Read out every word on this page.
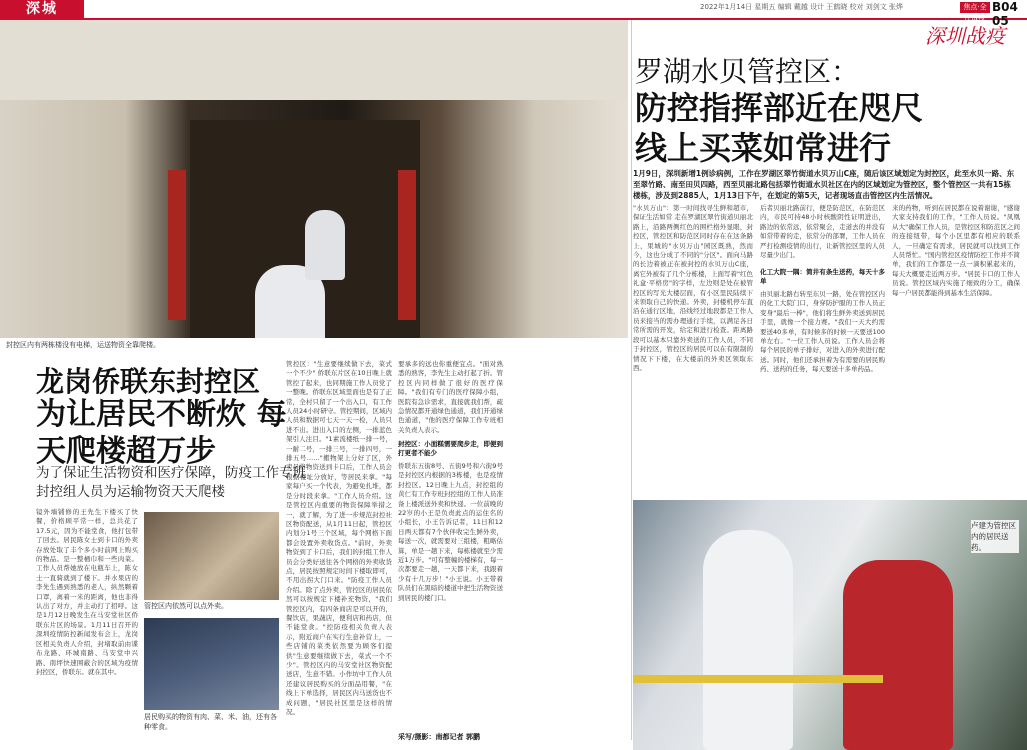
深城	2022年1月14日 星期五 编辑 戴越 设计 王鹤晓 校对 刘剑文 张烨	焦点·全民战疫
B04 05
封控区内有两栋楼没有电梯，运送物资全靠爬楼。
龙岗侨联东封控区
为让居民不断炊 每天爬楼超万步
为了保证生活物资和医疗保障，防疫工作专班封控组人员为运输物资天天爬楼
镜外墙铺修的王先生下楼买了快餐，价格顾平常一样，总共花了17.5元，因为不能堂食，他打包带了回去。居民陈女士到卡口的外卖存放处取了丰个多小时前网上购买的物品。是一整桶巾和一些肉菜。工作人员帮她放在电瓶车上，陈女士一直骑就到了楼下。并水果店的李先生遇到熟悉的老人，纵然颗着口罩，离着一米的距离，他也非得认出了对方，并主动打了招呼。这是1月12日晚发生在马安堂社区侨联东片区的场景。1月11日召开的深圳疫情防控新闻发布会上，龙岗区相关负责人介绍，封堵取前由谍布龙路、环城南路、马安堂中兴路、南坪快速围蔽合的区域为疫情封控区，侨联东。就在其中。
管控区内依然可以点外卖。
居民购买的物资有肉、菜、米、油，还有各种零食。
管控区："生意要继续做下去，菜式一个不少" 侨联东片区在10日晚上就管控了起来，也同期施工作人员党了一整晚。侨联东区域里面也是有了正常，全村只留了一个出入口，有工作人员24小时研守。管控期间，区域内人员和数据可七天一天一检，人员只进不出。进出入口的左侧，一排蓝色架引人注目。"1素流楼纸一排一号，一耐二号，一排三号，一排四号，一排五号……"搬物架上分好了区，外卖员将物资送到卡口后，工作人员会根据楼址分放好，等居民来拿。"每家每户买一个代表，为避免扎堆，都是分时段来拿。"工作人员介绍。这是管控区内重要的物资保障举措之一，就了解，为了进一步规范封控社区物资配送，从1月11日起，管控区内划分1号三个区域，每个网格下面都会设置外卖收货点。"前时，外卖物资到了卡口后，我们的封组工作人员会分类好送往各个网格的外卖收货点，居民按照规定时间下楼取即可，不用出拐大门口来。"防疫工作人员介绍。除了点外卖，管控区的居民依然可以按规定下楼补充物资，"我们管控区内，有四条商店是可以开的，餐饮店，果蔬店，便利店和药店，但不能堂食。"控防疫相关负责人表示，附近商户在实行生意补营上，一些店铺的菜类依然要为顾客们提供"生意要继续做下去，菜式一个不少"。管控区内的马安堂社区物资配送店，生意不错。小作坊中工作人员还建议居民购买的分面品用餐，"在线上下单选择，居民区内马送货也不成问题，"居民社区里是这样的情况。
要承多的远也你重便宜点。"面对熟悉的熟客，李先生主动打起了折。管控区内同样做了很好的医疗保障。"我们有专门的医疗保障小组，医院有急诊需求，直接就我们帮，疏急情况都开通绿色通道，我们开通绿色通道，"他的医疗保障工作专班相关负责人表示。
封控区：小面糕需要爬步走，即便到打更者不能少
侨联东五街8号、五街9号和六街9号是封控区内根据的3栋楼，也是疫情封控区。12日晚上九点，封控组的黄仁有工作专班封控组的工作人员准备上楼派送外卖和快递。一位前晚的22岁的小王是负责此点的运住名的小组长，小王告诉记者，11日和12日两天都有7个伙伴收完生鲜外卖，每送一次，就需要对三组楼，粗略估算，单是一趟下来，每栋楼就至少需近1万步。"可有整幢的楼梯有，每一次都要走一趟，一天都下来，我跟着少有十几万步！"小王说。小王带着队员们在黑暗的楼道中把生活物资送到居民的楼门口。
采写/摄影：南都记者 郭鹏
深圳战疫
罗湖水贝管控区：
防控指挥部近在咫尺 线上买菜如常进行
1月9日，深圳新增1例诊病例，工作在罗湖区翠竹街道水贝万山C座，随后该区域划定为封控区，此至水贝一路、东至翠竹路、南至田贝四路，西至贝丽北路包括翠竹街道水贝社区在内的区域划定为管控区，整个管控区一共有15栋楼栋，涉及到2885人，1月13日下午，在划定的第5天，记者现场直击管控区内生活情况。
"水贝万山"：第一时间找寻生鲜和超市，保证生活如常 走在罗湖区翠竹街道贝丽北路上，沿路两侧红色的围栏格外显眼，封控区，管控区和防范区同时存在在这条路上，果城的"水贝万山"园区既熟，然而今，这也分成了不同的"分区"。面向马路的长边着被正在被封控的水贝万山C座，离它外被有了几个分栋楼，上面写着"红色礼盒·平格房"的字样，左边则是处在被管控区的写光大楼层面，有小区里民陆续下来领取自己的快递。外卖，封楼机停车直沿在通行区地，沿线经过地段都是工作人员来接当的需办理通行手续，以满足各日常所需的开发，给定和进行检查。距离路段可以基本只靠外卖送的工作人员，不同于封控区，管控区的居民可以在有限制的情况下下楼，在大楼前的外卖区领取东西。
后者贝丽北路前行，便是防范区，在防范区内，市民可持48小时核酸阴性证明进出，路边的依常远，依常聚会，走道去的并没有如常带着的走，依常分的部署，工作人员在严打检测疫情的出行，让新管控区里的人员尽量少出门。
化工大院一隅：简井有条生送药，每天十多单
由贝丽北路右转至东贝一路，处在管控区内的化工大院门口，身穿防护服的工作人员正变身"最后一棒"，他们将生鲜外卖送到居民手里，就像一个接力赛。"我们一天大约需要送40多单，有时候多的时候一天要送100单左右。"一位工作人员说。工作人员会将每个居民的单子排好，对进入的外卖进行配送。同时，他们还承担着为有需要的居民购药、送药的任务，每天要送十多单药品。
来的药物，听到在居民都在说着谢谢，"感谢大家支持我们的工作，"工作人员说。"凤凰从大"确保工作人员，是管控区和防范区之间的连接纽带，每个小区里都有相应的联系人，一旦确定有需求，居民就可以找到工作人员帮忙。"国内管控区疫情防控工作并不简单，我们的工作都是一点一滴积累起来的，每天大概要走近两万步。"居民卡口的工作人员说。管控区域内实施了细致的分工，确保每一户居民都能得到基本生活保障。
卢建为管控区内的居民送药。
